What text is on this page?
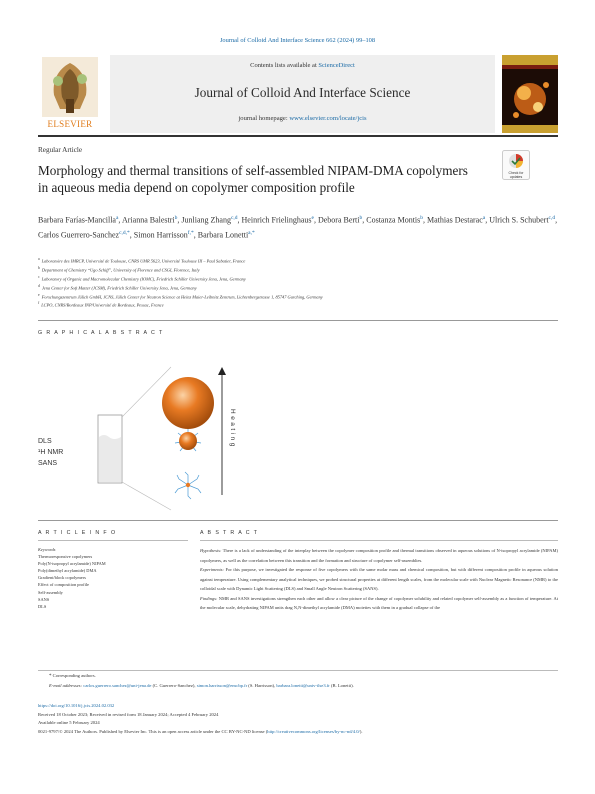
Journal of Colloid And Interface Science 662 (2024) 99–108
ELSEVIER
Contents lists available at ScienceDirect
Journal of Colloid And Interface Science
journal homepage: www.elsevier.com/locate/jcis
Regular Article
Morphology and thermal transitions of self-assembled NIPAM-DMA copolymers in aqueous media depend on copolymer composition profile
Check for
updates
Barbara Farías-Mancilla$^a$, Arianna Balestri$^b$, Junliang Zhang$^{c,d}$, Heinrich Frielinghaus$^e$, Debora Berti$^b$, Costanza Montis$^b$, Mathias Destarac$^a$, Ulrich S. Schubert$^{c,d}$, Carlos Guerrero-Sanchez$^{c,d,*}$, Simon Harrisson$^{f,*}$, Barbara Lonetti$^{a,*}$
$^a$ Laboratoire des IMRCP, Université de Toulouse, CNRS UMR 5623, Université Toulouse III – Paul Sabatier, France
$^b$ Department of Chemistry “Ugo Schiff”, University of Florence and CSGI, Florence, Italy
$^c$ Laboratory of Organic and Macromolecular Chemistry (IOMC), Friedrich Schiller University Jena, Jena, Germany
$^d$ Jena Center for Soft Matter (JCSM), Friedrich Schiller University Jena, Jena, Germany
$^e$ Forschungszentrum Jülich GmbH, JCNS, Jülich Center for Neutron Science at Heinz Maier-Leibnitz Zentrum, Lichtenbergstrasse 1, 85747 Garching, Germany
$^f$ LCPO, CNRS/Bordeaux INP/Université de Bordeaux, Pessac, France
G R A P H I C A L A B S T R A C T
DLS
¹H NMR
SANS
Heating
A R T I C L E I N F O	A B S T R A C T
Keywords
Thermoresponsive copolymers
Poly(N-isopropyl acrylamide) NIPAM
Poly(dimethyl acrylamide) DMA
Gradient/block copolymers
Effect of composition profile
Self-assembly
SANS
DLS
Hypothesis: There is a lack of understanding of the interplay between the copolymer composition profile and thermal transitions observed in aqueous solutions of N-isopropyl acrylamide (NIPAM) copolymers, as well as the correlation between this transition and the formation and structure of copolymer self-assemblies.
Experiments: For this purpose, we investigated the response of five copolymers with the same molar mass and chemical composition, but with different composition profile in aqueous solution against temperature. Using complementary analytical techniques, we probed structural properties at different length scales, from the molecular scale with Nuclear Magnetic Resonance (NMR) to the colloidal scale with Dynamic Light Scattering (DLS) and Small Angle Neutron Scattering (SANS).
Findings: NMR and SANS investigations strengthen each other and allow a clear picture of the change of copolymer solubility and related copolymer self-assembly as a function of temperature. At the molecular scale, dehydrating NIPAM units drag N,N-dimethyl acrylamide (DMA) moieties with them in a gradual collapse of the
* Corresponding authors.
E-mail addresses: carlos.guerrero.sanchez@uni-jena.de (C. Guerrero-Sanchez), simon.harrisson@enscbp.fr (S. Harrisson), barbara.lonetti@univ-tlse3.fr (B. Lonetti).
https://doi.org/10.1016/j.jcis.2024.02.032
Received 18 October 2023; Received in revised form 18 January 2024; Accepted 4 February 2024
Available online 5 February 2024
0021-9797/© 2024 The Authors. Published by Elsevier Inc. This is an open access article under the CC BY-NC-ND license (http://creativecommons.org/licenses/by-nc-nd/4.0/).
